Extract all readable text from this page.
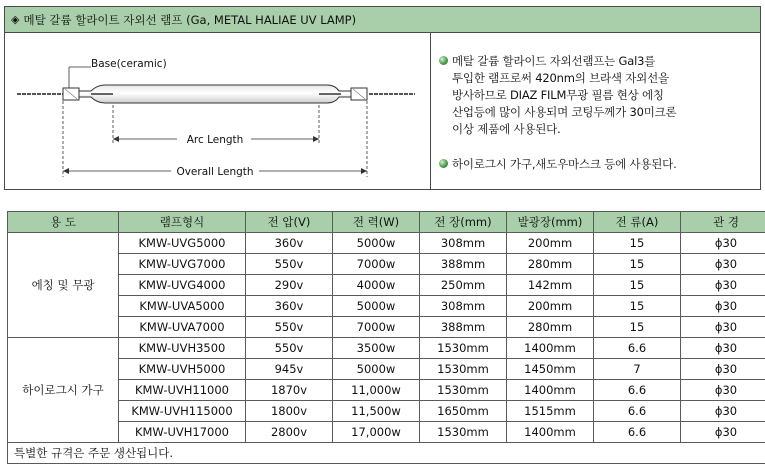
◈ 메탈 갈륨 할라이트 자외선 램프 (Ga, METAL HALIAE UV LAMP)
Base(ceramic)
Arc Length
Overall Length
메탈 갈륨 할라이드 자외선램프는 Gal3를
투입한 램프로써 420nm의 브라색 자외선을
방사하므로 DIAZ FILM무광 필름 현상 에칭
산업등에 많이 사용되며 코팅두께가 30미크론
이상 제품에 사용된다.
하이로그시 가구,새도우마스크 등에 사용된다.
용 도	램프형식	전 압(V)	전 력(W)	전 장(mm)	발광장(mm)	전 류(A)	관 경
에칭 및 무광	KMW-UVG5000	360v	5000w	308mm	200mm	15	ϕ30
	KMW-UVG7000	550v	7000w	388mm	280mm	15	ϕ30
	KMW-UVG4000	290v	4000w	250mm	142mm	15	ϕ30
	KMW-UVA5000	360v	5000w	308mm	200mm	15	ϕ30
	KMW-UVA7000	550v	7000w	388mm	280mm	15	ϕ30
하이로그시 가구	KMW-UVH3500	550v	3500w	1530mm	1400mm	6.6	ϕ30
	KMW-UVH5000	945v	5000w	1530mm	1450mm	7	ϕ30
	KMW-UVH11000	1870v	11,000w	1530mm	1400mm	6.6	ϕ30
	KMW-UVH115000	1800v	11,500w	1650mm	1515mm	6.6	ϕ30
	KMW-UVH17000	2800v	17,000w	1530mm	1400mm	6.6	ϕ30
특별한 규격은 주문 생산됩니다.							
